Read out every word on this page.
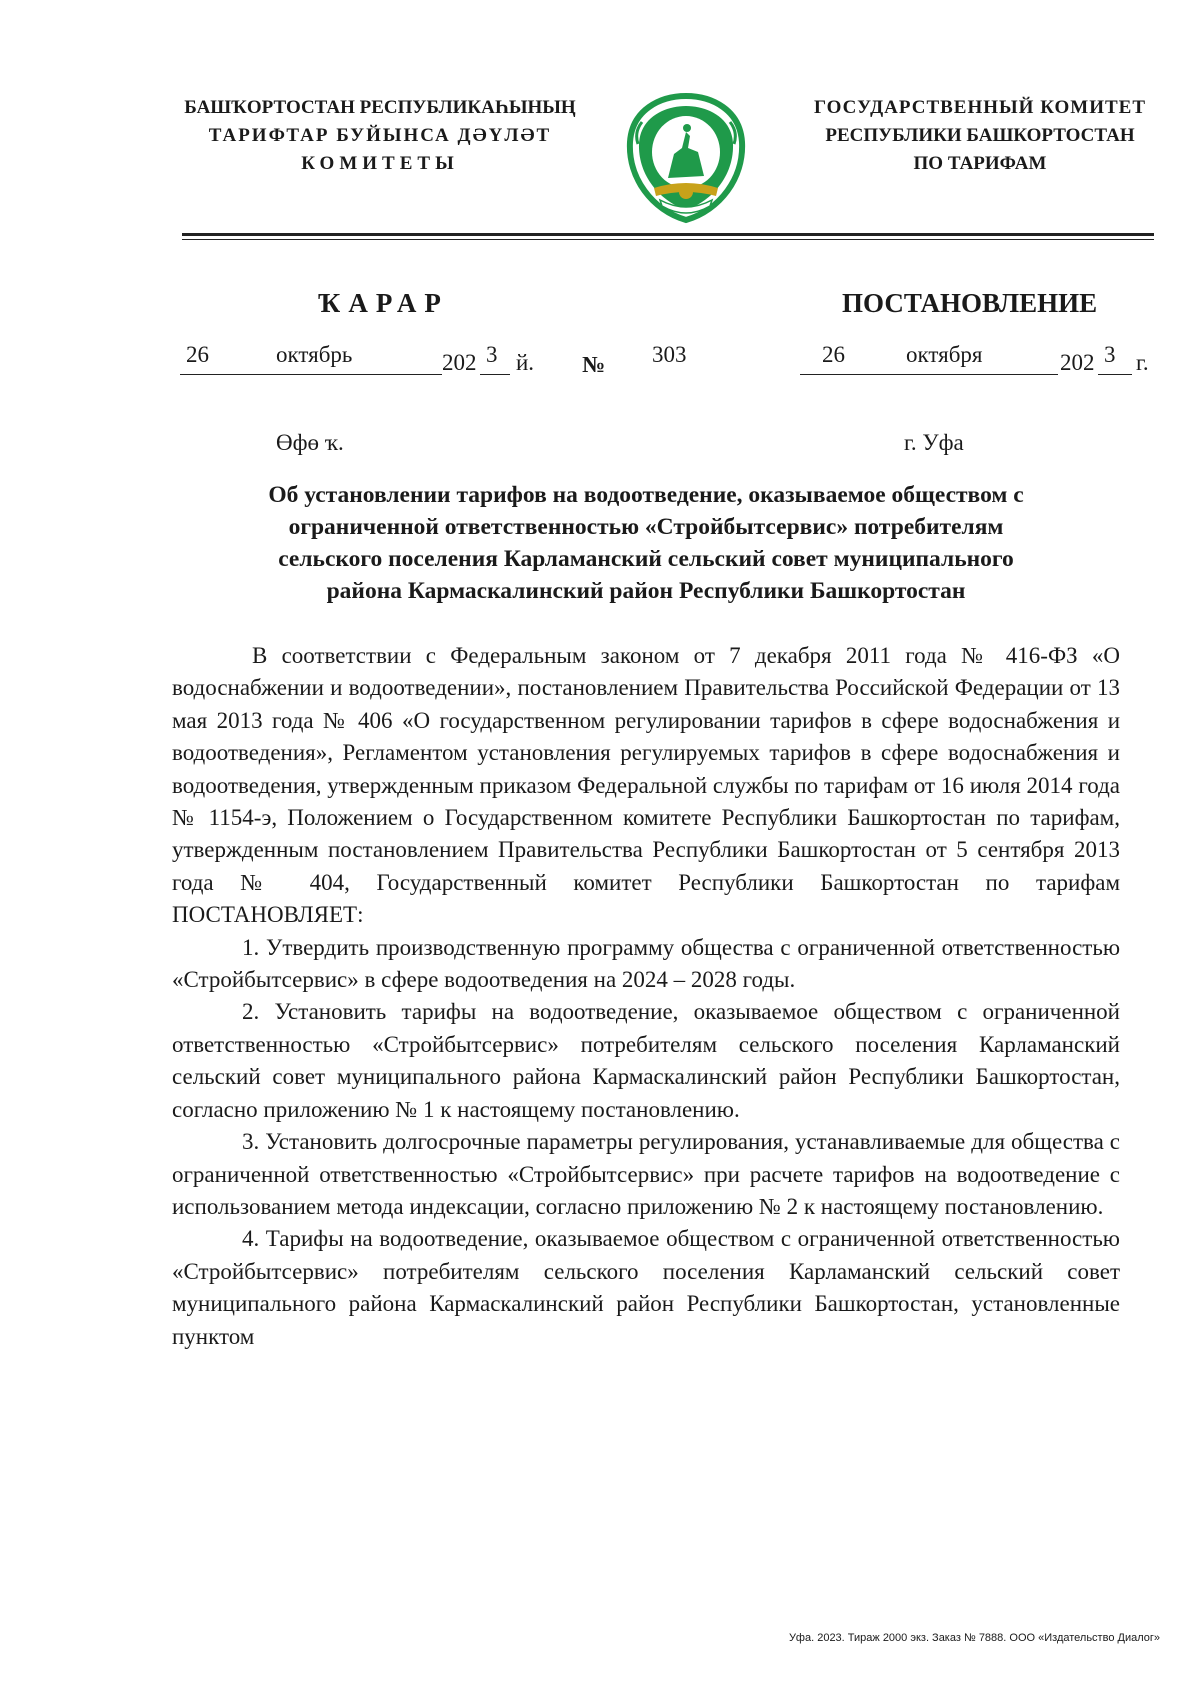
БАШҠОРТОСТАН РЕСПУБЛИКАҺЫНЫҢ
ТАРИФТАР БУЙЫНСА ДӘҮЛӘТ
КОМИТЕТЫ
ГОСУДАРСТВЕННЫЙ КОМИТЕТ
РЕСПУБЛИКИ БАШКОРТОСТАН
ПО ТАРИФАМ
ҠАРАР	ПОСТАНОВЛЕНИЕ
26	октябрь	202 3 й. № 303	26	октября	202 3 г.
Өфө ҡ.	г. Уфа
Об установлении тарифов на водоотведение, оказываемое обществом с
ограниченной ответственностью «Стройбытсервис» потребителям
сельского поселения Карламанский сельский совет муниципального
района Кармаскалинский район Республики Башкортостан

В соответствии с Федеральным законом от 7 декабря 2011 года № 416-ФЗ «О водоснабжении и водоотведении», постановлением Правительства Российской Федерации от 13 мая 2013 года № 406 «О государственном регулировании тарифов в сфере водоснабжения и водоотведения», Регламентом установления регулируемых тарифов в сфере водоснабжения и водоотведения, утвержденным приказом Федеральной службы по тарифам от 16 июля 2014 года № 1154-э, Положением о Государственном комитете Республики Башкортостан по тарифам, утвержденным постановлением Правительства Республики Башкортостан от 5 сентября 2013 года № 404, Государственный комитет Республики Башкортостан по тарифам ПОСТАНОВЛЯЕТ:

1. Утвердить производственную программу общества с ограниченной ответственностью «Стройбытсервис» в сфере водоотведения на 2024 – 2028 годы.

2. Установить тарифы на водоотведение, оказываемое обществом с ограниченной ответственностью «Стройбытсервис» потребителям сельского поселения Карламанский сельский совет муниципального района Кармаскалинский район Республики Башкортостан, согласно приложению № 1 к настоящему постановлению.

3. Установить долгосрочные параметры регулирования, устанавливаемые для общества с ограниченной ответственностью «Стройбытсервис» при расчете тарифов на водоотведение с использованием метода индексации, согласно приложению № 2 к настоящему постановлению.

4. Тарифы на водоотведение, оказываемое обществом с ограниченной ответственностью «Стройбытсервис» потребителям сельского поселения Карламанский сельский совет муниципального района Кармаскалинский район Республики Башкортостан, установленные пунктом

Уфа. 2023. Тираж 2000 экз. Заказ № 7888. ООО «Издательство Диалог»
